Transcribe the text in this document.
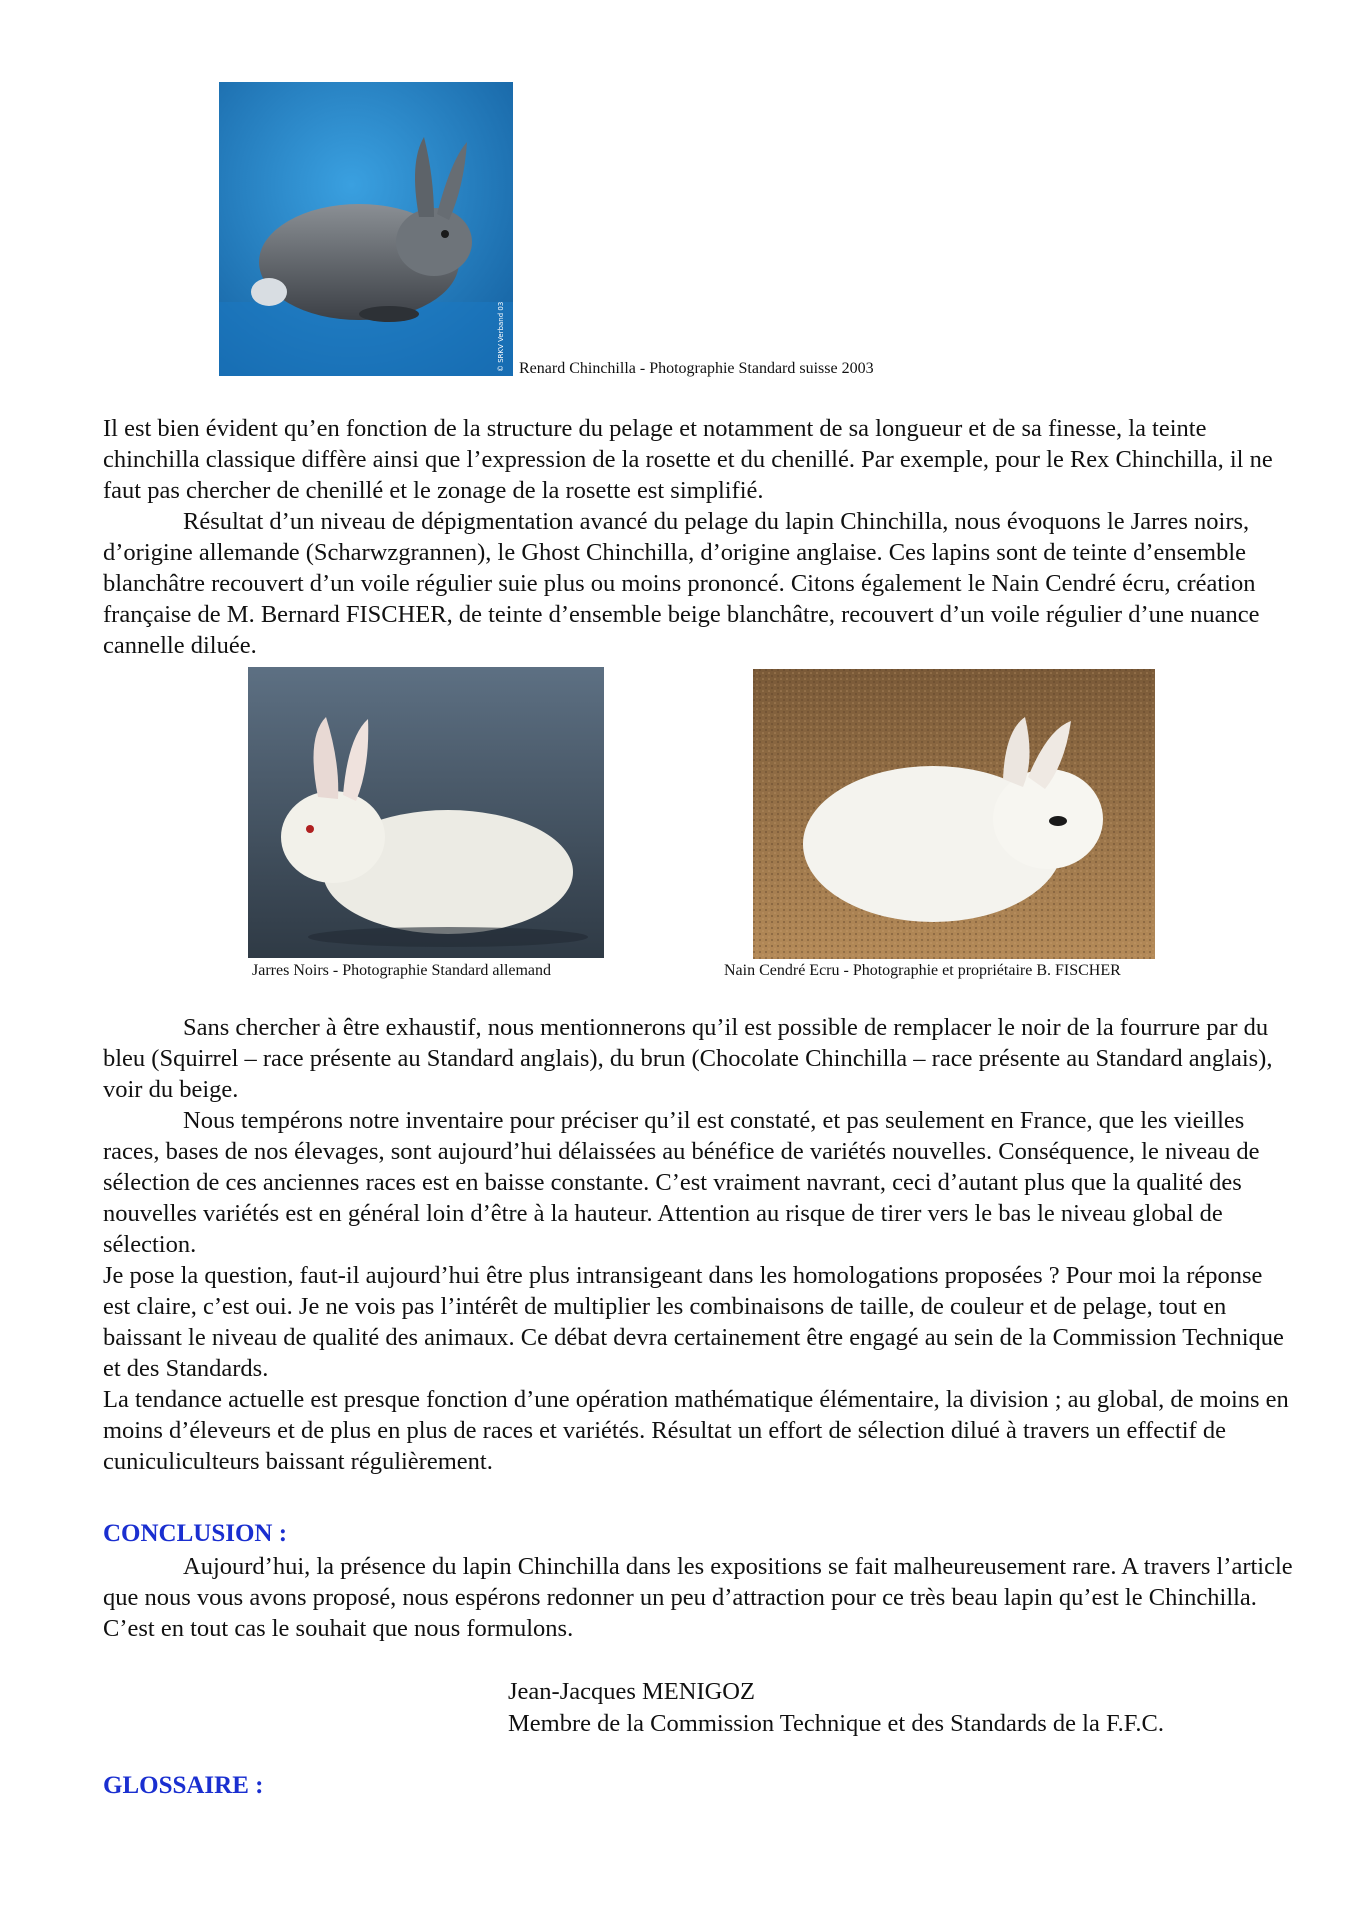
© SRKV Verband 03 Renard Chinchilla - Photographie Standard suisse 2003

Il est bien évident qu’en fonction de la structure du pelage et notamment de sa longueur et de sa finesse, la teinte chinchilla classique diffère ainsi que l’expression de la rosette et du chenillé. Par exemple, pour le Rex Chinchilla, il ne faut pas chercher de chenillé et le zonage de la rosette est simplifié.

Résultat d’un niveau de dépigmentation avancé du pelage du lapin Chinchilla, nous évoquons le Jarres noirs, d’origine allemande (Scharwzgrannen), le Ghost Chinchilla, d’origine anglaise. Ces lapins sont de teinte d’ensemble blanchâtre recouvert d’un voile régulier suie plus ou moins prononcé. Citons également le Nain Cendré écru, création française de M. Bernard FISCHER, de teinte d’ensemble beige blanchâtre, recouvert d’un voile régulier d’une nuance cannelle diluée.

Jarres Noirs - Photographie Standard allemand	Nain Cendré Ecru - Photographie et propriétaire B. FISCHER

Sans chercher à être exhaustif, nous mentionnerons qu’il est possible de remplacer le noir de la fourrure par du bleu (Squirrel – race présente au Standard anglais), du brun (Chocolate Chinchilla – race présente au Standard anglais), voir du beige.

Nous tempérons notre inventaire pour préciser qu’il est constaté, et pas seulement en France, que les vieilles races, bases de nos élevages, sont aujourd’hui délaissées au bénéfice de variétés nouvelles. Conséquence, le niveau de sélection de ces anciennes races est en baisse constante. C’est vraiment navrant, ceci d’autant plus que la qualité des nouvelles variétés est en général loin d’être à la hauteur. Attention au risque de tirer vers le bas le niveau global de sélection.

Je pose la question, faut-il aujourd’hui être plus intransigeant dans les homologations proposées ? Pour moi la réponse est claire, c’est oui. Je ne vois pas l’intérêt de multiplier les combinaisons de taille, de couleur et de pelage, tout en baissant le niveau de qualité des animaux. Ce débat devra certainement être engagé au sein de la Commission Technique et des Standards.

La tendance actuelle est presque fonction d’une opération mathématique élémentaire, la division ; au global, de moins en moins d’éleveurs et de plus en plus de races et variétés. Résultat un effort de sélection dilué à travers un effectif de cuniculiculteurs baissant régulièrement.

CONCLUSION :

Aujourd’hui, la présence du lapin Chinchilla dans les expositions se fait malheureusement rare. A travers l’article que nous vous avons proposé, nous espérons redonner un peu d’attraction pour ce très beau lapin qu’est le Chinchilla. C’est en tout cas le souhait que nous formulons.

Jean-Jacques MENIGOZ
Membre de la Commission Technique et des Standards de la F.F.C.
GLOSSAIRE :
